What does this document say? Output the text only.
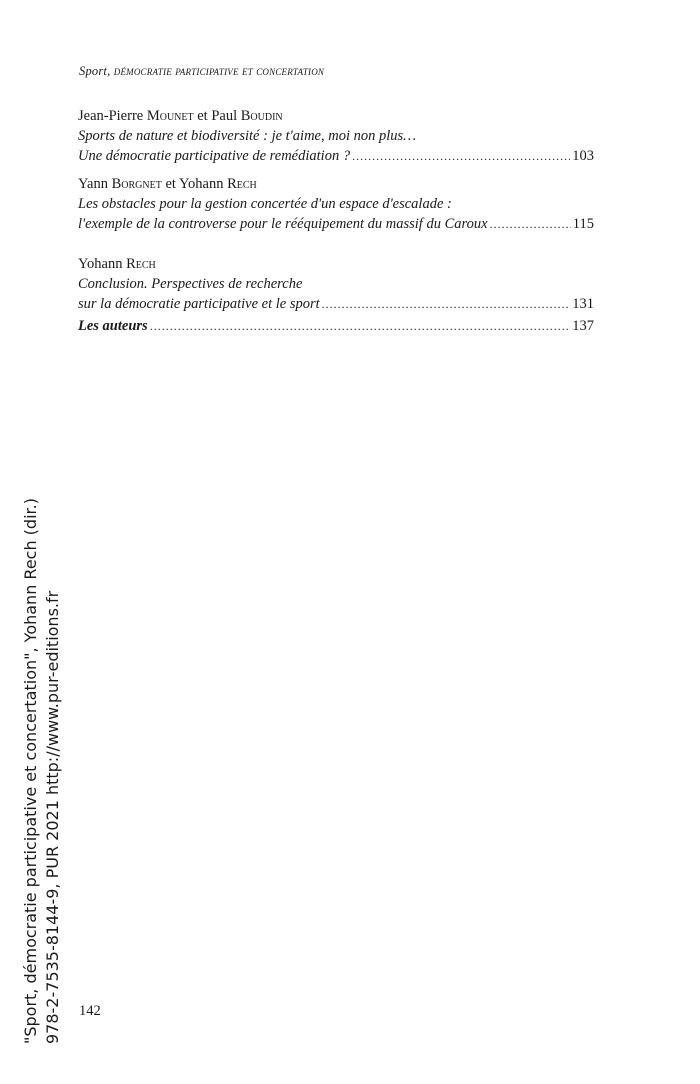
Sport, démocratie participative et concertation
Jean-Pierre Mounet et Paul Boudin
Sports de nature et biodiversité : je t'aime, moi non plus…
Une démocratie participative de remédiation ? . . .	103
Yann Borgnet et Yohann Rech
Les obstacles pour la gestion concertée d'un espace d'escalade :
l'exemple de la controverse pour le rééquipement du massif du Caroux . . .	115
Yohann Rech
Conclusion. Perspectives de recherche
sur la démocratie participative et le sport . . .	131
Les auteurs . . .	137
142
"Sport, démocratie participative et concertation", Yohann Rech (dir.) 978-2-7535-8144-9, PUR 2021 http://www.pur-editions.fr
